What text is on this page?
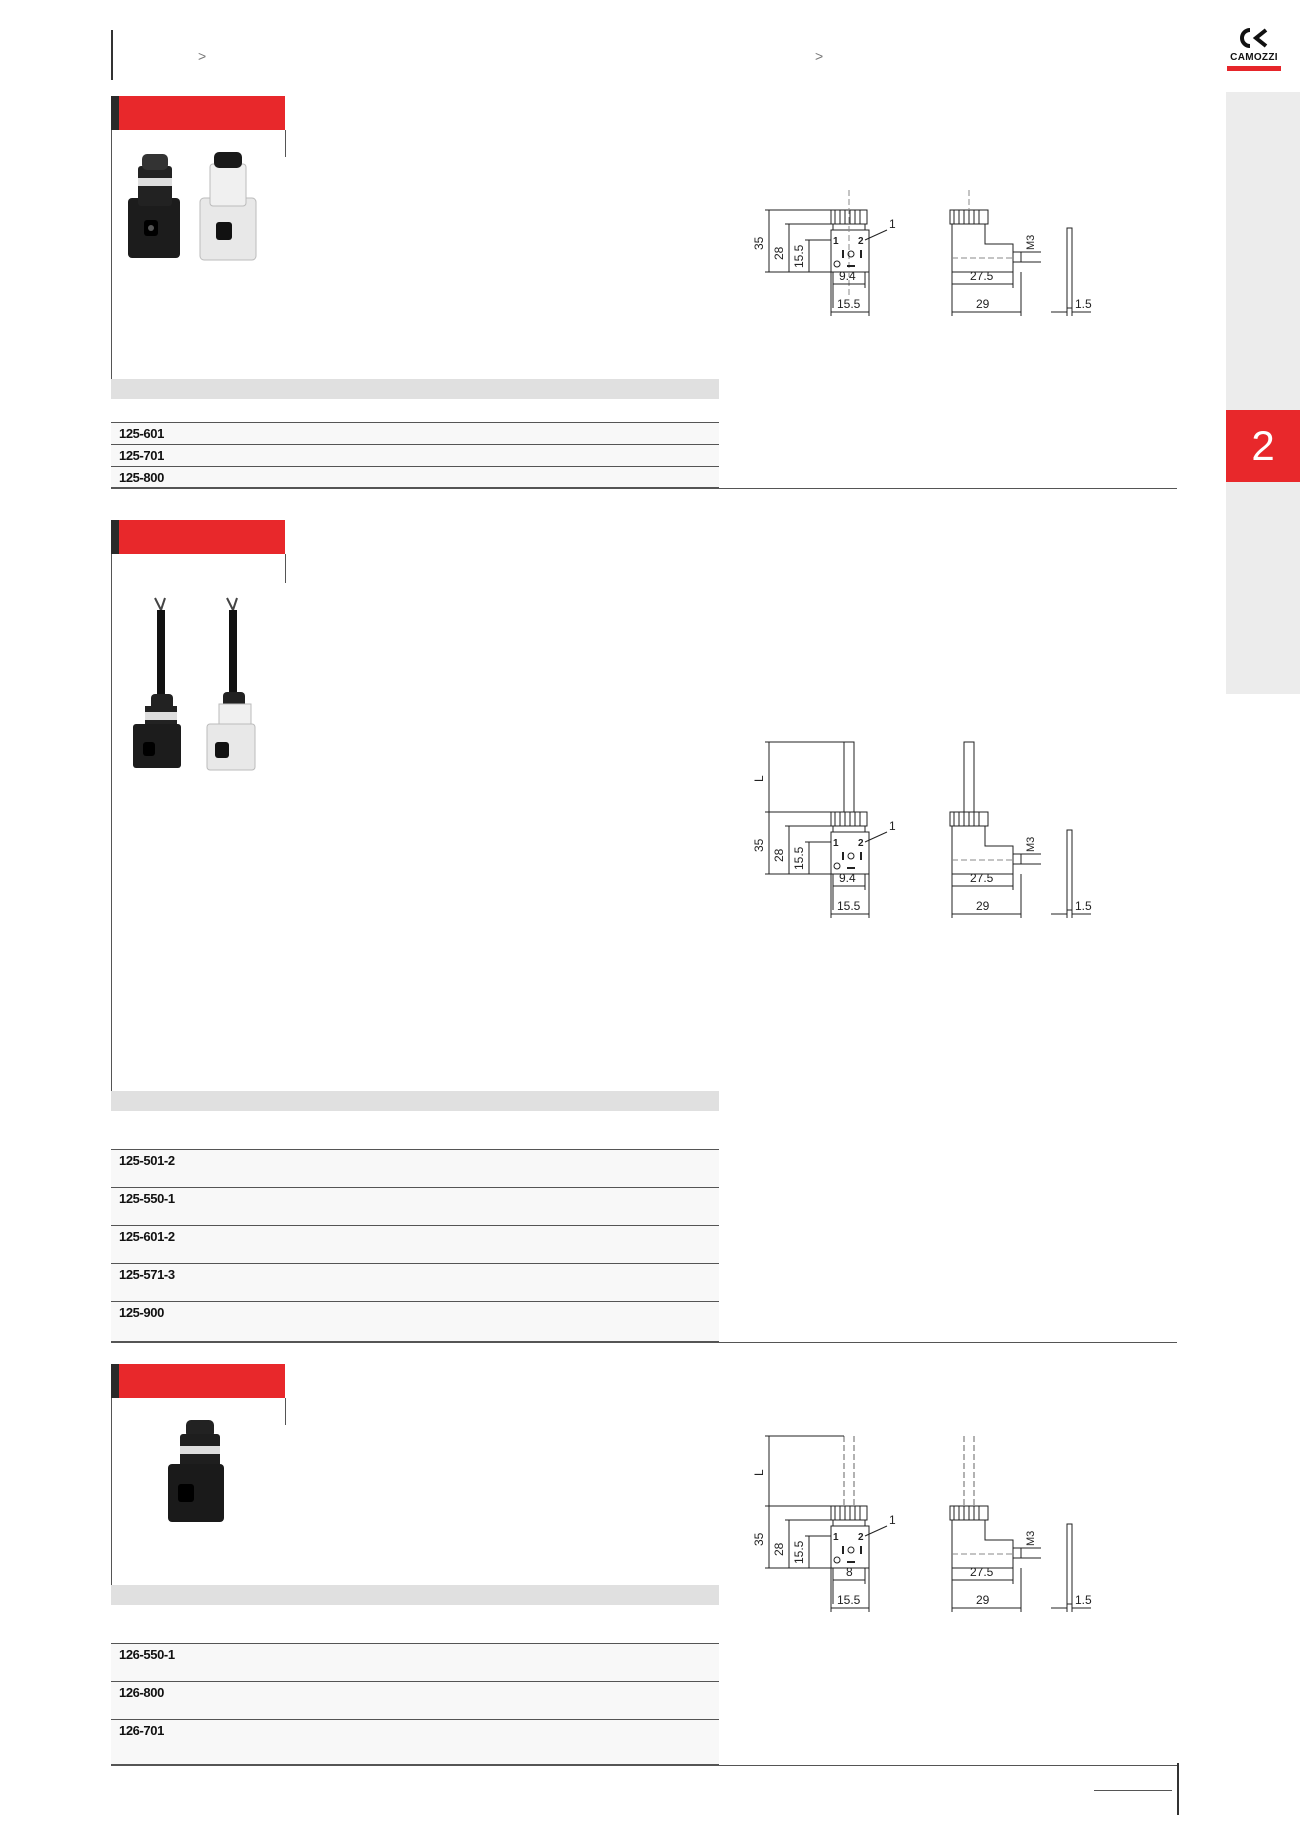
>	>	CAMOZZI
2
125-601
125-701
125-800
35
28 15.5
9.4
15.5
1
1 2	M3
27.5
29	1.5
125-501-2
125-550-1
125-601-2
125-571-3
125-900
L
35
28 15.5
9.4
15.5
1
1 2	M3
27.5
29	1.5
126-550-1
126-800
126-701
L
35
28 15.5
8
15.5
1
1 2	M3
27.5
29	1.5
